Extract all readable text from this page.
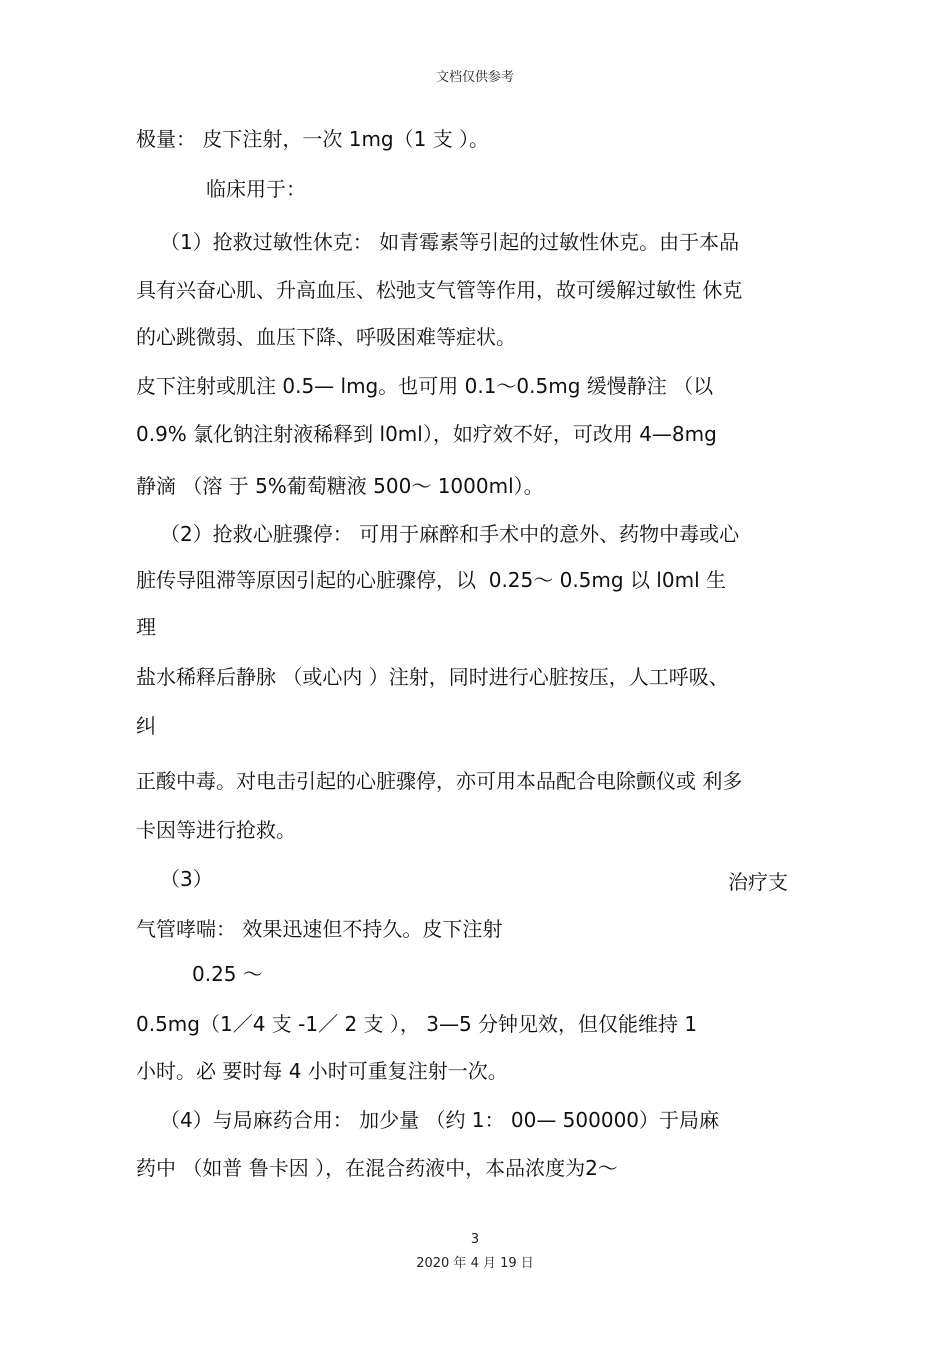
文档仅供参考
极量： 皮下注射，一次 1mg（1 支 ）。
临床用于：
（1）抢救过敏性休克： 如青霉素等引起的过敏性休克。由于本品
具有兴奋心肌、升高血压、松弛支气管等作用，故可缓解过敏性 休克
的心跳微弱、血压下降、呼吸困难等症状。
皮下注射或肌注 0.5— lmg。也可用 0.1～0.5mg 缓慢静注 （以
0.9% 氯化钠注射液稀释到 l0ml），如疗效不好，可改用 4—8mg
静滴 （溶 于 5%葡萄糖液 500～ 1000ml）。
（2）抢救心脏骤停： 可用于麻醉和手术中的意外、药物中毒或心
脏传导阻滞等原因引起的心脏骤停，以  0.25～ 0.5mg 以 l0ml 生
理
盐水稀释后静脉 （或心内 ）注射，同时进行心脏按压，人工呼吸、
纠
正酸中毒。对电击引起的心脏骤停，亦可用本品配合电除颤仪或 利多
卡因等进行抢救。
（3）	治疗支
气管哮喘： 效果迅速但不持久。皮下注射
0.25 ～
0.5mg（1／4 支 -1／ 2 支 ）， 3—5 分钟见效，但仅能维持 1
小时。必 要时每 4 小时可重复注射一次。
（4）与局麻药合用： 加少量 （约 1： 00— 500000）于局麻
药中 （如普 鲁卡因 ），在混合药液中，本品浓度为2～
3
2020 年 4 月 19 日
